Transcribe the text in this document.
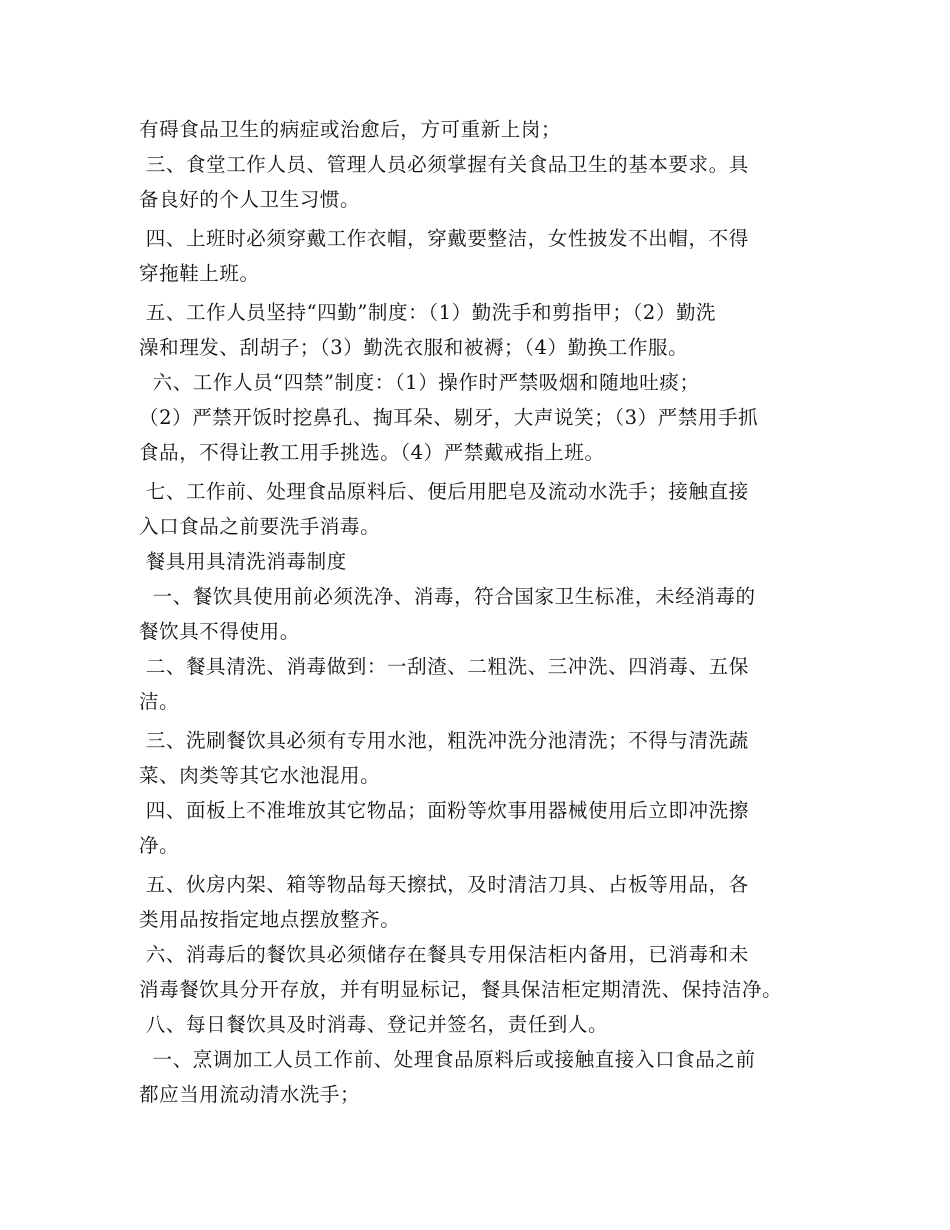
有碍食品卫生的病症或治愈后，方可重新上岗；
三、食堂工作人员、管理人员必须掌握有关食品卫生的基本要求。具
备良好的个人卫生习惯。
四、上班时必须穿戴工作衣帽，穿戴要整洁，女性披发不出帽，不得
穿拖鞋上班。
五、工作人员坚持“四勤”制度：（1）勤洗手和剪指甲；（2）勤洗
澡和理发、刮胡子；（3）勤洗衣服和被褥；（4）勤换工作服。
六、工作人员“四禁”制度：（1）操作时严禁吸烟和随地吐痰；
（2）严禁开饭时挖鼻孔、掏耳朵、剔牙，大声说笑；（3）严禁用手抓
食品，不得让教工用手挑选。（4）严禁戴戒指上班。
七、工作前、处理食品原料后、便后用肥皂及流动水洗手；接触直接
入口食品之前要洗手消毒。
餐具用具清洗消毒制度
一、餐饮具使用前必须洗净、消毒，符合国家卫生标准，未经消毒的
餐饮具不得使用。
二、餐具清洗、消毒做到：一刮渣、二粗洗、三冲洗、四消毒、五保
洁。
三、洗刷餐饮具必须有专用水池，粗洗冲洗分池清洗；不得与清洗蔬
菜、肉类等其它水池混用。
四、面板上不准堆放其它物品；面粉等炊事用器械使用后立即冲洗擦
净。
五、伙房内架、箱等物品每天擦拭，及时清洁刀具、占板等用品，各
类用品按指定地点摆放整齐。
六、消毒后的餐饮具必须储存在餐具专用保洁柜内备用，已消毒和未
消毒餐饮具分开存放，并有明显标记，餐具保洁柜定期清洗、保持洁净。
八、每日餐饮具及时消毒、登记并签名，责任到人。
一、烹调加工人员工作前、处理食品原料后或接触直接入口食品之前
都应当用流动清水洗手；
